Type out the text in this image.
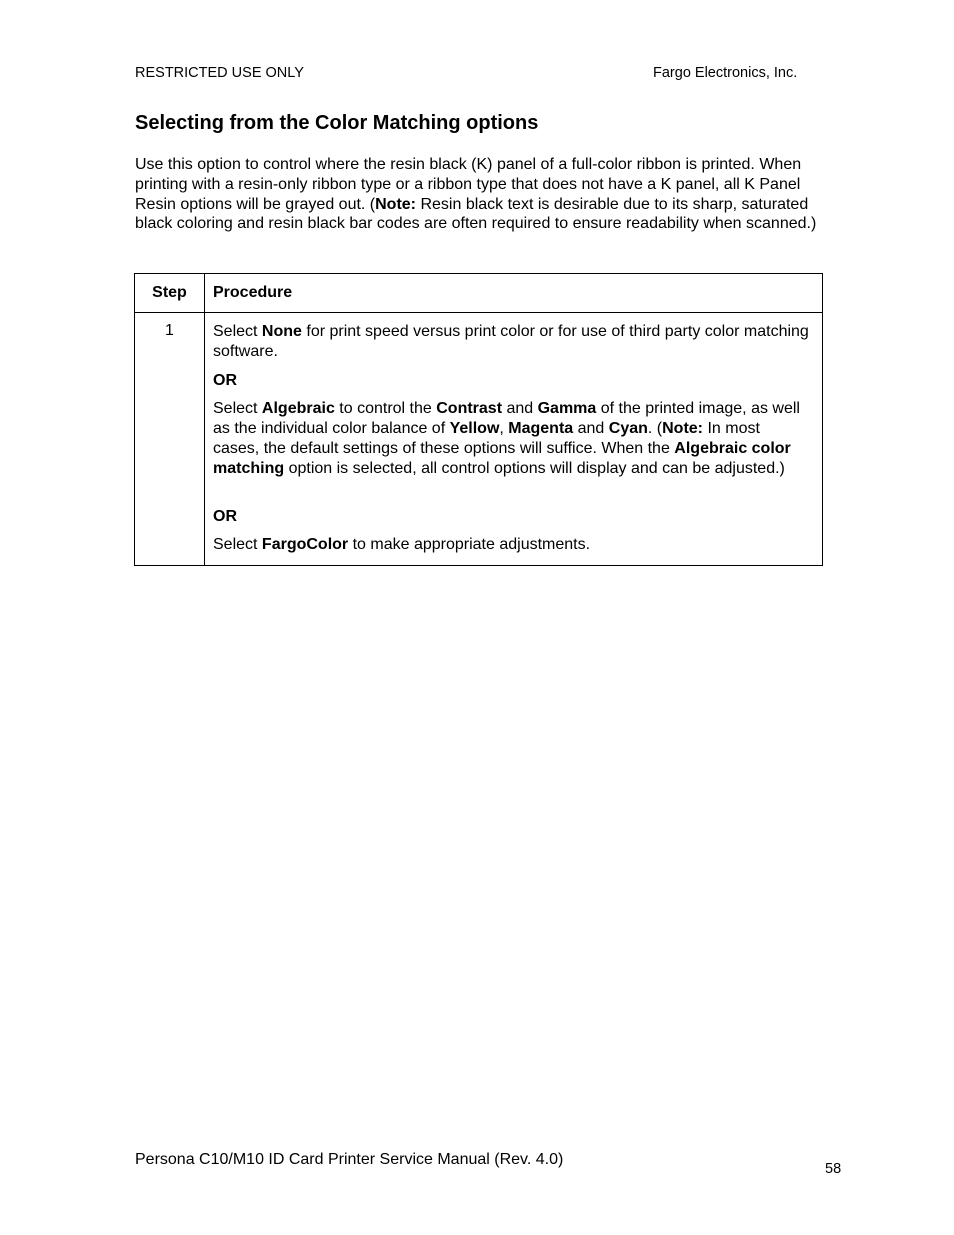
RESTRICTED USE ONLY	Fargo Electronics, Inc.
Selecting from the Color Matching options

Use this option to control where the resin black (K) panel of a full-color ribbon is printed. When printing with a resin-only ribbon type or a ribbon type that does not have a K panel, all K Panel Resin options will be grayed out. (Note: Resin black text is desirable due to its sharp, saturated black coloring and resin black bar codes are often required to ensure readability when scanned.)

Step	Procedure
1	Select None for print speed versus print color or for use of third party color matching software.

OR

Select Algebraic to control the Contrast and Gamma of the printed image, as well as the individual color balance of Yellow, Magenta and Cyan. (Note: In most cases, the default settings of these options will suffice. When the Algebraic color matching option is selected, all control options will display and can be adjusted.)

OR

Select FargoColor to make appropriate adjustments.

Persona C10/M10 ID Card Printer Service Manual (Rev. 4.0)
58
